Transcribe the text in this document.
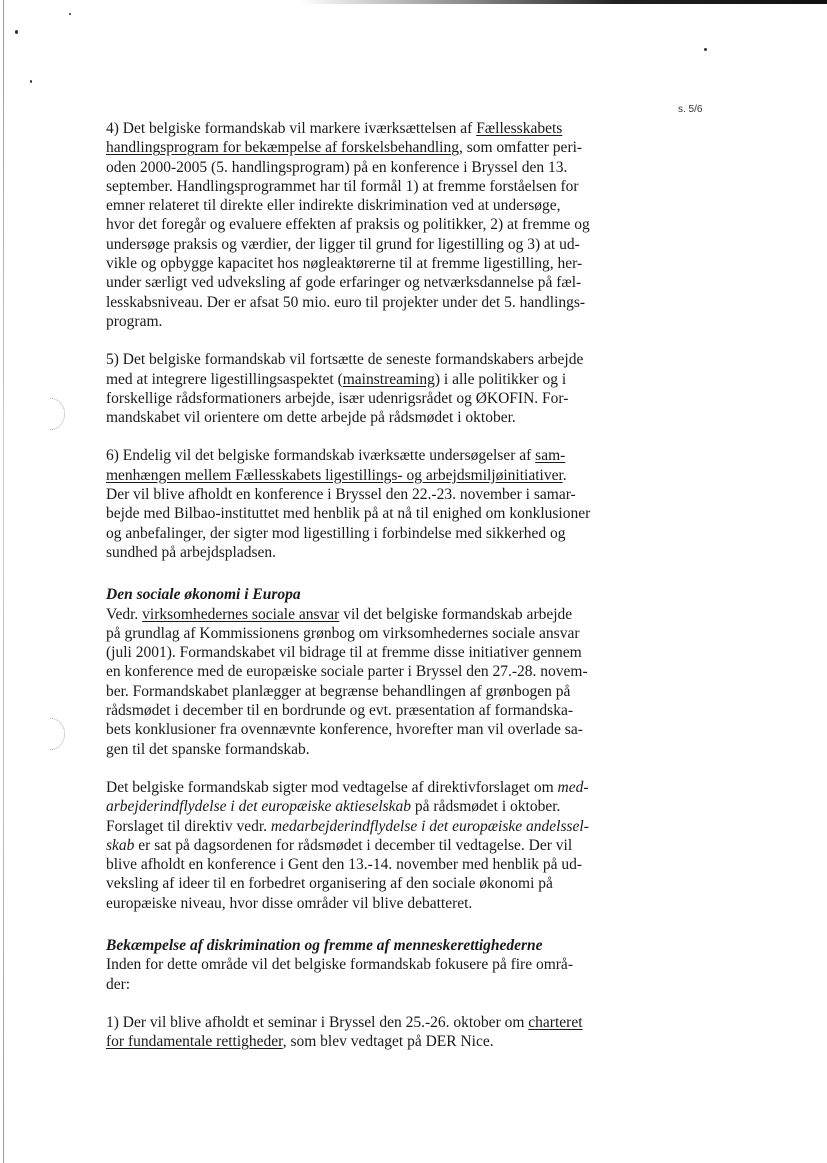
s. 5/6
4) Det belgiske formandskab vil markere iværksættelsen af Fællesskabets
handlingsprogram for bekæmpelse af forskelsbehandling, som omfatter peri-
oden 2000-2005 (5. handlingsprogram) på en konference i Bryssel den 13.
september. Handlingsprogrammet har til formål 1) at fremme forståelsen for
emner relateret til direkte eller indirekte diskrimination ved at undersøge,
hvor det foregår og evaluere effekten af praksis og politikker, 2) at fremme og
undersøge praksis og værdier, der ligger til grund for ligestilling og 3) at ud-
vikle og opbygge kapacitet hos nøgleaktørerne til at fremme ligestilling, her-
under særligt ved udveksling af gode erfaringer og netværksdannelse på fæl-
lesskabsniveau. Der er afsat 50 mio. euro til projekter under det 5. handlings-
program.
5) Det belgiske formandskab vil fortsætte de seneste formandskabers arbejde
med at integrere ligestillingsaspektet (mainstreaming) i alle politikker og i
forskellige rådsformationers arbejde, især udenrigsrådet og ØKOFIN. For-
mandskabet vil orientere om dette arbejde på rådsmødet i oktober.
6) Endelig vil det belgiske formandskab iværksætte undersøgelser af sam-
menhængen mellem Fællesskabets ligestillings- og arbejdsmiljøinitiativer.
Der vil blive afholdt en konference i Bryssel den 22.-23. november i samar-
bejde med Bilbao-instituttet med henblik på at nå til enighed om konklusioner
og anbefalinger, der sigter mod ligestilling i forbindelse med sikkerhed og
sundhed på arbejdspladsen.
Den sociale økonomi i Europa
Vedr. virksomhedernes sociale ansvar vil det belgiske formandskab arbejde
på grundlag af Kommissionens grønbog om virksomhedernes sociale ansvar
(juli 2001). Formandskabet vil bidrage til at fremme disse initiativer gennem
en konference med de europæiske sociale parter i Bryssel den 27.-28. novem-
ber. Formandskabet planlægger at begrænse behandlingen af grønbogen på
rådsmødet i december til en bordrunde og evt. præsentation af formandska-
bets konklusioner fra ovennævnte konference, hvorefter man vil overlade sa-
gen til det spanske formandskab.
Det belgiske formandskab sigter mod vedtagelse af direktivforslaget om med-
arbejderindflydelse i det europæiske aktieselskab på rådsmødet i oktober.
Forslaget til direktiv vedr. medarbejderindflydelse i det europæiske andelssel-
skab er sat på dagsordenen for rådsmødet i december til vedtagelse. Der vil
blive afholdt en konference i Gent den 13.-14. november med henblik på ud-
veksling af ideer til en forbedret organisering af den sociale økonomi på
europæiske niveau, hvor disse områder vil blive debatteret.
Bekæmpelse af diskrimination og fremme af menneskerettighederne
Inden for dette område vil det belgiske formandskab fokusere på fire områ-
der:
1) Der vil blive afholdt et seminar i Bryssel den 25.-26. oktober om charteret
for fundamentale rettigheder, som blev vedtaget på DER Nice.
